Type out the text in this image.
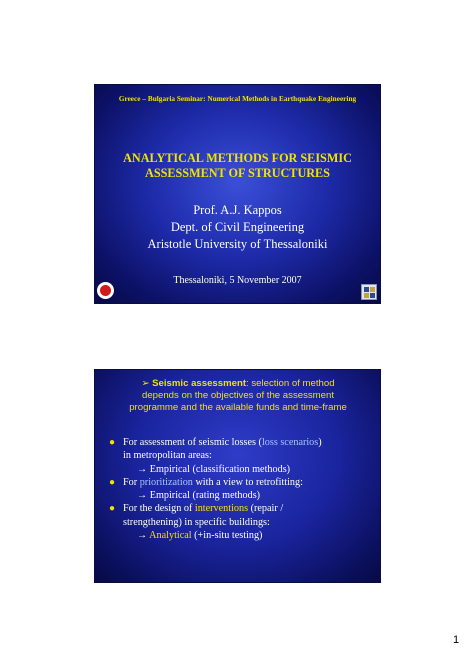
Greece – Bulgaria Seminar: Numerical Methods in Earthquake Engineering
ANALYTICAL METHODS FOR SEISMIC
ASSESSMENT OF STRUCTURES
Prof. A.J. Kappos
Dept. of Civil Engineering
Aristotle University of Thessaloniki
Thessaloniki, 5 November 2007
➢ Seismic assessment: selection of method
depends on the objectives of the assessment
programme and the available funds and time-frame
● For assessment of seismic losses (loss scenarios)
in metropolitan areas:
→ Empirical (classification methods)
● For prioritization with a view to retrofitting:
→ Empirical (rating methods)
● For the design of interventions (repair /
strengthening) in specific buildings:
→ Analytical (+in-situ testing)
1
